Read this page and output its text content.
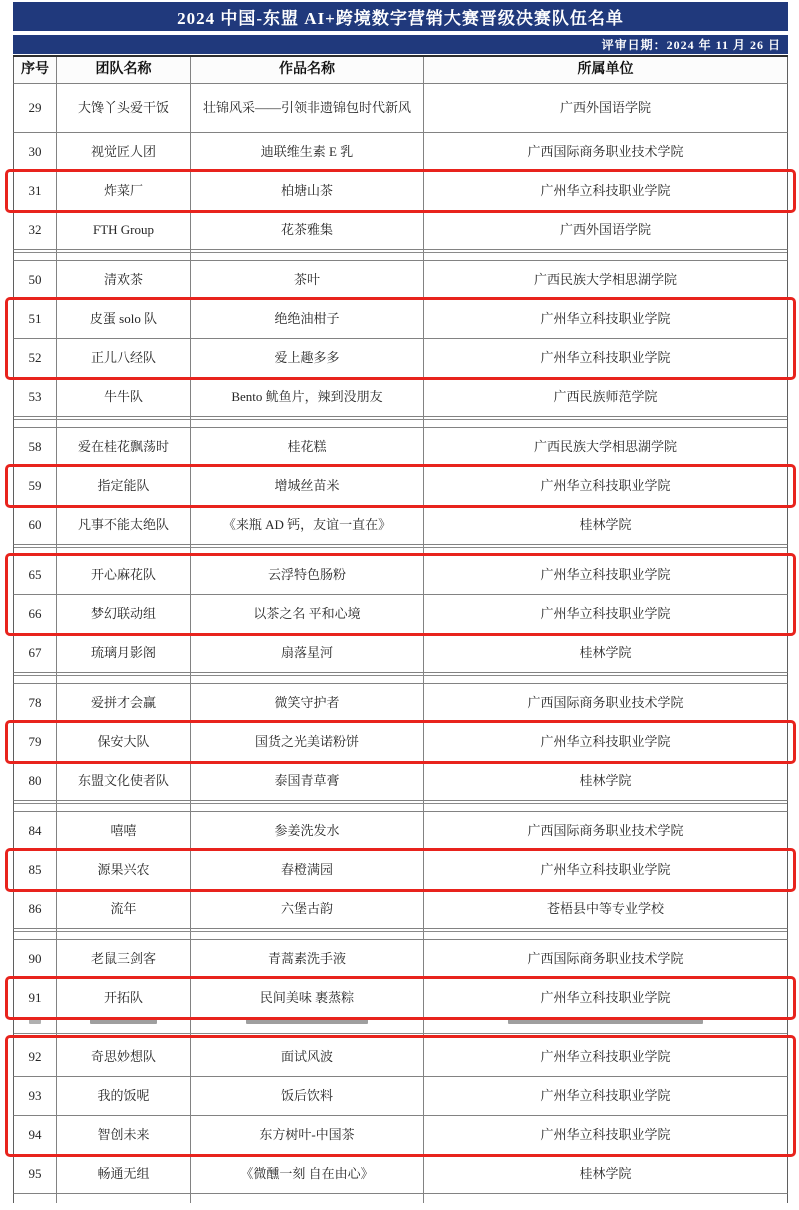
2024 中国-东盟 AI+跨境数字营销大赛晋级决赛队伍名单
评审日期：2024 年 11 月 26 日
序号	团队名称	作品名称	所属单位
29	大馋丫头爱干饭	壮锦风采——引领非遗锦包时代新风	广西外国语学院
30	视觉匠人团	迪联维生素 E 乳	广西国际商务职业技术学院
31	炸菜厂	柏塘山茶	广州华立科技职业学院
32	FTH Group	花茶雅集	广西外国语学院
50	清欢茶	茶叶	广西民族大学相思湖学院
51	皮蛋 solo 队	绝绝油柑子	广州华立科技职业学院
52	正儿八经队	爱上趣多多	广州华立科技职业学院
53	牛牛队	Bento 鱿鱼片，辣到没朋友	广西民族师范学院
58	爱在桂花飘荡时	桂花糕	广西民族大学相思湖学院
59	指定能队	增城丝苗米	广州华立科技职业学院
60	凡事不能太绝队	《来瓶 AD 钙，友谊一直在》	桂林学院
65	开心麻花队	云浮特色肠粉	广州华立科技职业学院
66	梦幻联动组	以茶之名 平和心境	广州华立科技职业学院
67	琉璃月影阁	扇落星河	桂林学院
78	爱拼才会赢	微笑守护者	广西国际商务职业技术学院
79	保安大队	国货之光美诺粉饼	广州华立科技职业学院
80	东盟文化使者队	泰国青草膏	桂林学院
84	嘻嘻	参姜洗发水	广西国际商务职业技术学院
85	源果兴农	春橙满园	广州华立科技职业学院
86	流年	六堡古韵	苍梧县中等专业学校
90	老鼠三剑客	青蒿素洗手液	广西国际商务职业技术学院
91	开拓队	民间美味 裹蒸粽	广州华立科技职业学院
92	奇思妙想队	面试风波	广州华立科技职业学院
93	我的饭呢	饭后饮料	广州华立科技职业学院
94	智创未来	东方树叶-中国茶	广州华立科技职业学院
95	畅通无组	《微醺一刻 自在由心》	桂林学院
